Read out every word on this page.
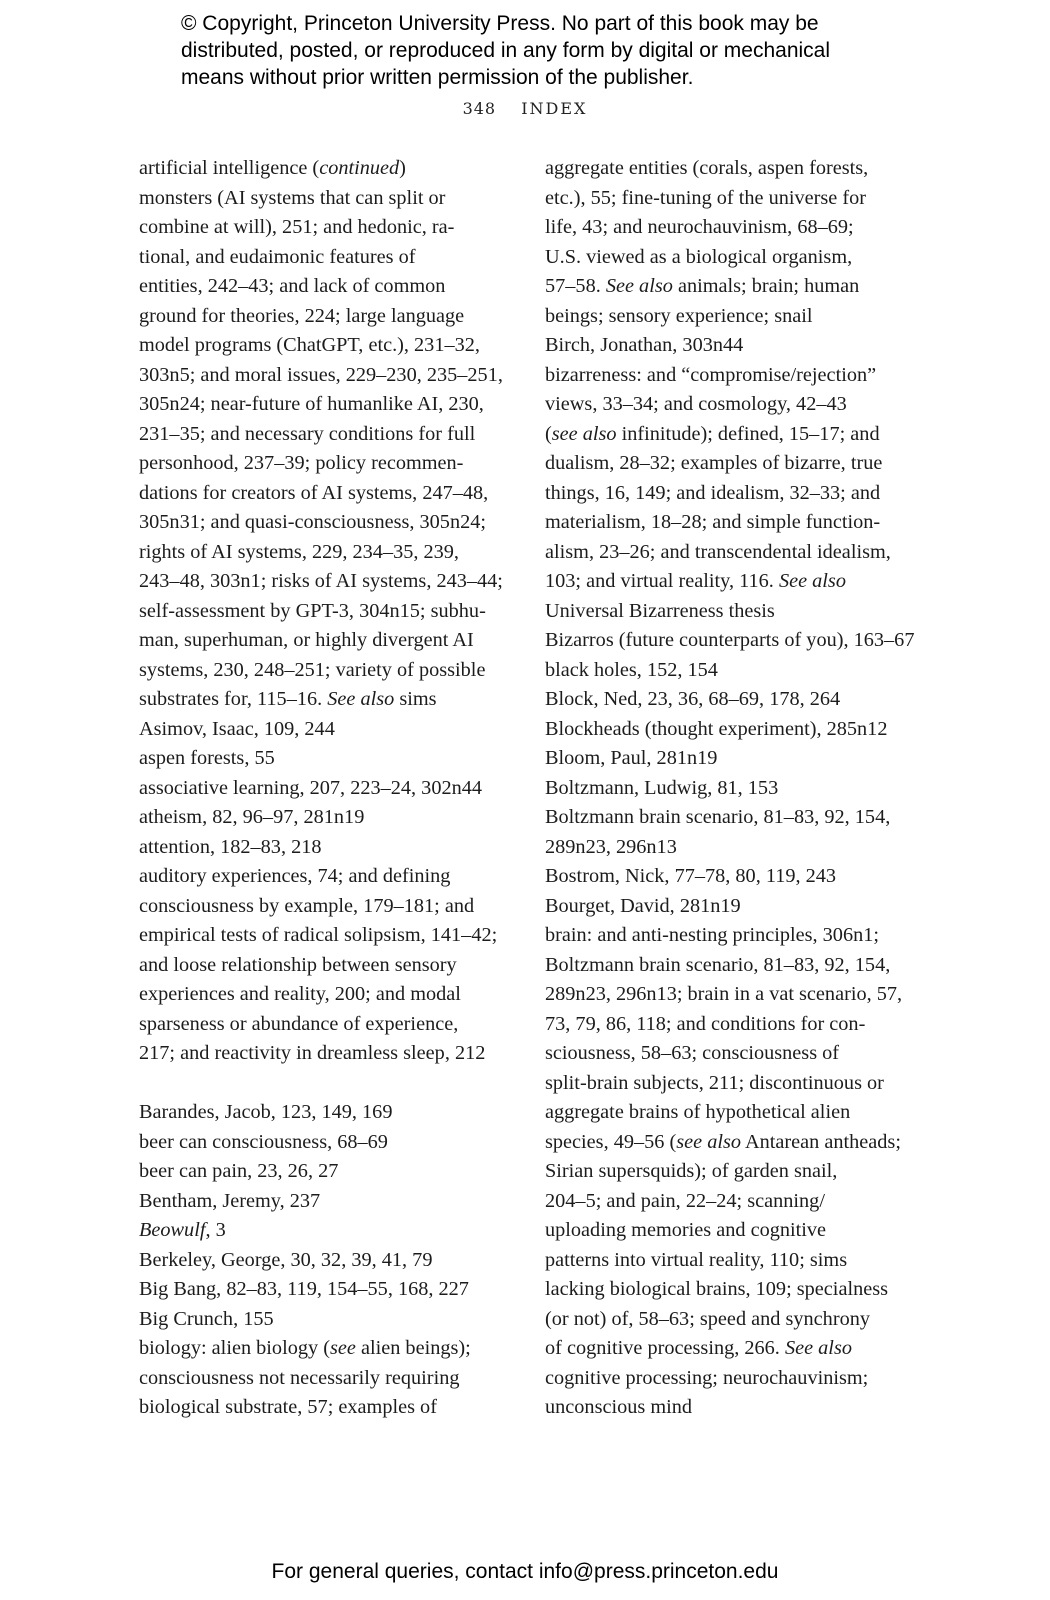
© Copyright, Princeton University Press. No part of this book may be
distributed, posted, or reproduced in any form by digital or mechanical
means without prior written permission of the publisher.
348 INDEX
artificial intelligence (continued)
monsters (AI systems that can split or
combine at will), 251; and hedonic, ra-
tional, and eudaimonic features of
entities, 242–43; and lack of common
ground for theories, 224; large language
model programs (ChatGPT, etc.), 231–32,
303n5; and moral issues, 229–230, 235–251,
305n24; near-future of humanlike AI, 230,
231–35; and necessary conditions for full
personhood, 237–39; policy recommen-
dations for creators of AI systems, 247–48,
305n31; and quasi-consciousness, 305n24;
rights of AI systems, 229, 234–35, 239,
243–48, 303n1; risks of AI systems, 243–44;
self-assessment by GPT-3, 304n15; subhu-
man, superhuman, or highly divergent AI
systems, 230, 248–251; variety of possible
substrates for, 115–16. See also sims
Asimov, Isaac, 109, 244
aspen forests, 55
associative learning, 207, 223–24, 302n44
atheism, 82, 96–97, 281n19
attention, 182–83, 218
auditory experiences, 74; and defining
consciousness by example, 179–181; and
empirical tests of radical solipsism, 141–42;
and loose relationship between sensory
experiences and reality, 200; and modal
sparseness or abundance of experience,
217; and reactivity in dreamless sleep, 212
Barandes, Jacob, 123, 149, 169
beer can consciousness, 68–69
beer can pain, 23, 26, 27
Bentham, Jeremy, 237
Beowulf, 3
Berkeley, George, 30, 32, 39, 41, 79
Big Bang, 82–83, 119, 154–55, 168, 227
Big Crunch, 155
biology: alien biology (see alien beings);
consciousness not necessarily requiring
biological substrate, 57; examples of
aggregate entities (corals, aspen forests,
etc.), 55; fine-tuning of the universe for
life, 43; and neurochauvinism, 68–69;
U.S. viewed as a biological organism,
57–58. See also animals; brain; human
beings; sensory experience; snail
Birch, Jonathan, 303n44
bizarreness: and “compromise/rejection”
views, 33–34; and cosmology, 42–43
(see also infinitude); defined, 15–17; and
dualism, 28–32; examples of bizarre, true
things, 16, 149; and idealism, 32–33; and
materialism, 18–28; and simple function-
alism, 23–26; and transcendental idealism,
103; and virtual reality, 116. See also
Universal Bizarreness thesis
Bizarros (future counterparts of you), 163–67
black holes, 152, 154
Block, Ned, 23, 36, 68–69, 178, 264
Blockheads (thought experiment), 285n12
Bloom, Paul, 281n19
Boltzmann, Ludwig, 81, 153
Boltzmann brain scenario, 81–83, 92, 154,
289n23, 296n13
Bostrom, Nick, 77–78, 80, 119, 243
Bourget, David, 281n19
brain: and anti-nesting principles, 306n1;
Boltzmann brain scenario, 81–83, 92, 154,
289n23, 296n13; brain in a vat scenario, 57,
73, 79, 86, 118; and conditions for con-
sciousness, 58–63; consciousness of
split-brain subjects, 211; discontinuous or
aggregate brains of hypothetical alien
species, 49–56 (see also Antarean antheads;
Sirian supersquids); of garden snail,
204–5; and pain, 22–24; scanning/
uploading memories and cognitive
patterns into virtual reality, 110; sims
lacking biological brains, 109; specialness
(or not) of, 58–63; speed and synchrony
of cognitive processing, 266. See also
cognitive processing; neurochauvinism;
unconscious mind
For general queries, contact info@press.princeton.edu
